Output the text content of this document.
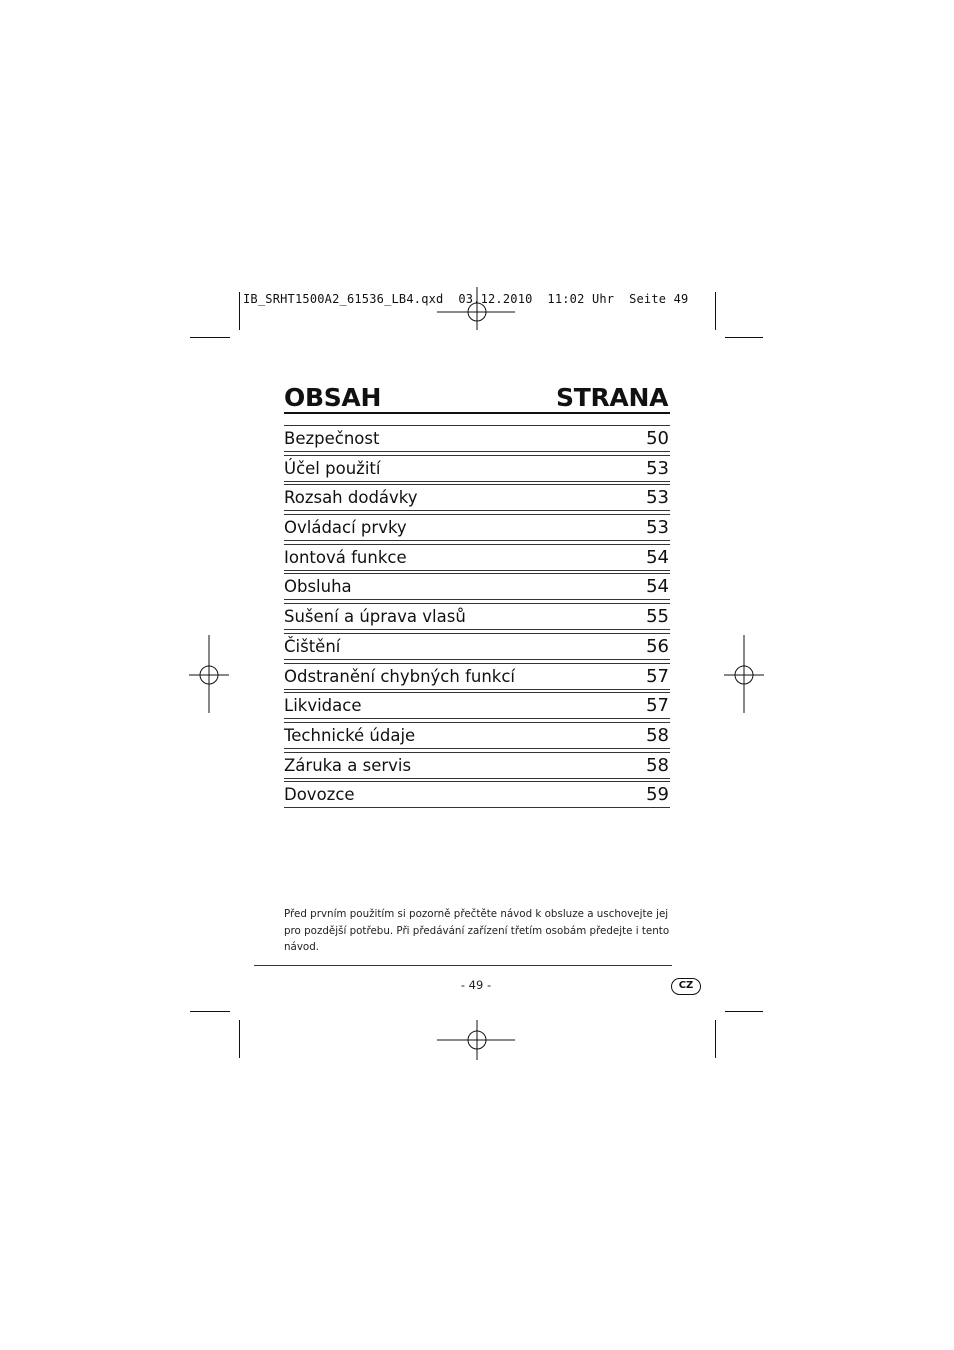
IB_SRHT1500A2_61536_LB4.qxd  03.12.2010  11:02 Uhr  Seite 49
OBSAH	STRANA
Bezpečnost	50
Účel použití	53
Rozsah dodávky	53
Ovládací prvky	53
Iontová funkce	54
Obsluha	54
Sušení a úprava vlasů	55
Čištění	56
Odstranění chybných funkcí	57
Likvidace	57
Technické údaje	58
Záruka a servis	58
Dovozce	59
Před prvním použitím si pozorně přečtěte návod k obsluze a uschovejte jej
pro pozdější potřebu. Při předávání zařízení třetím osobám předejte i tento
návod.
- 49 -	CZ
